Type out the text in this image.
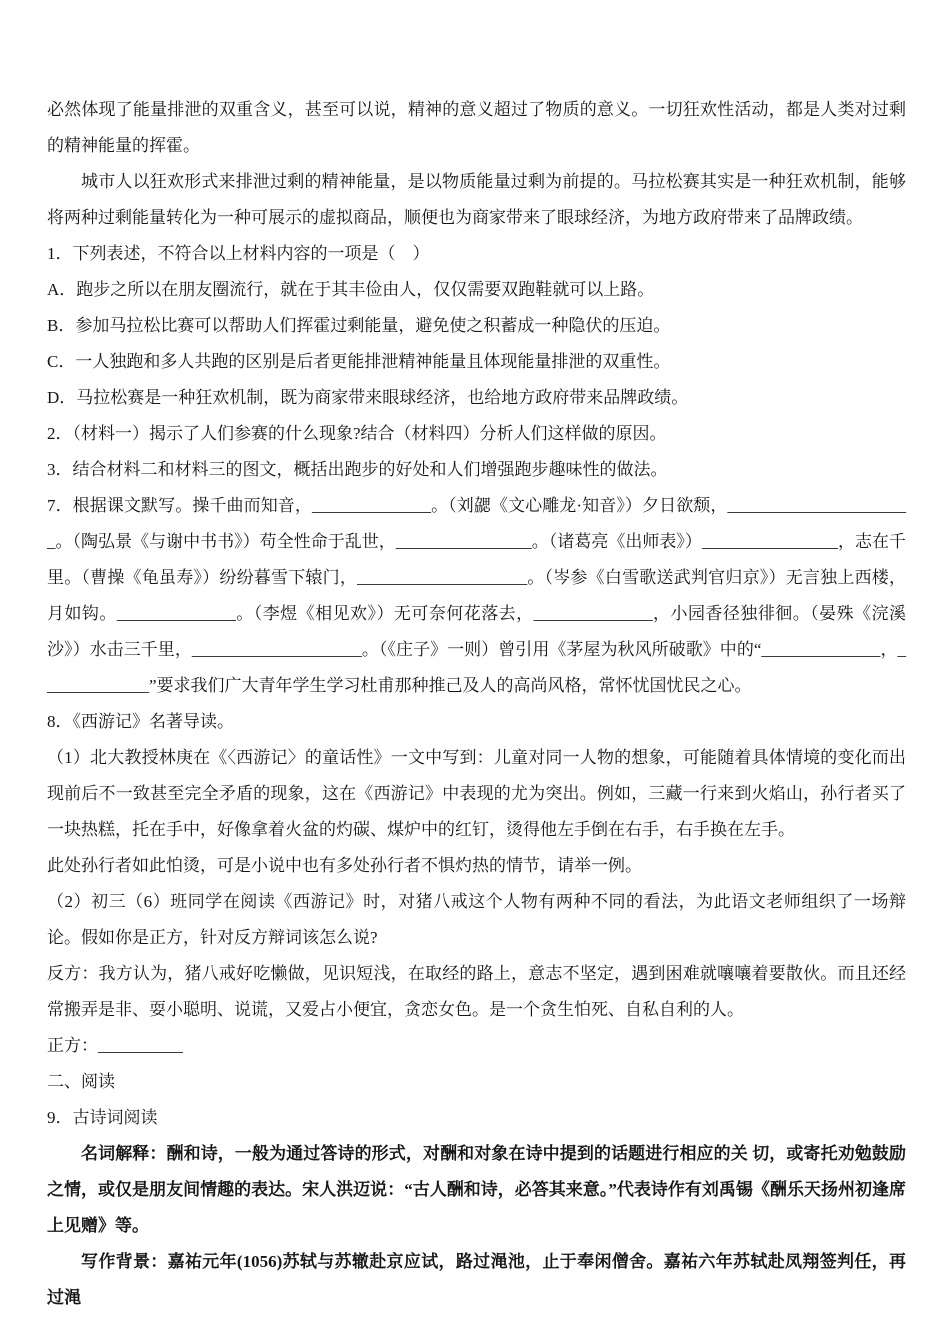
必然体现了能量排泄的双重含义，甚至可以说，精神的意义超过了物质的意义。一切狂欢性活动，都是人类对过剩的精神能量的挥霍。

城市人以狂欢形式来排泄过剩的精神能量，是以物质能量过剩为前提的。马拉松赛其实是一种狂欢机制，能够将两种过剩能量转化为一种可展示的虚拟商品，顺便也为商家带来了眼球经济，为地方政府带来了品牌政绩。

1．下列表述，不符合以上材料内容的一项是（　）

A．跑步之所以在朋友圈流行，就在于其丰俭由人，仅仅需要双跑鞋就可以上路。

B．参加马拉松比赛可以帮助人们挥霍过剩能量，避免使之积蓄成一种隐伏的压迫。

C．一人独跑和多人共跑的区别是后者更能排泄精神能量且体现能量排泄的双重性。

D．马拉松赛是一种狂欢机制，既为商家带来眼球经济，也给地方政府带来品牌政绩。

2．（材料一）揭示了人们参赛的什么现象?结合（材料四）分析人们这样做的原因。

3．结合材料二和材料三的图文，概括出跑步的好处和人们增强跑步趣味性的做法。

7．根据课文默写。操千曲而知音，______________。（刘勰《文心雕龙·知音》）夕日欲颓，______________________。（陶弘景《与谢中书书》）苟全性命于乱世，________________。（诸葛亮《出师表》）________________，志在千里。（曹操《龟虽寿》）纷纷暮雪下辕门，____________________。（岑参《白雪歌送武判官归京》）无言独上西楼，月如钩。______________。（李煜《相见欢》）无可奈何花落去，______________，小园香径独徘徊。（晏殊《浣溪沙》）水击三千里，____________________。（《庄子》一则）曾引用《茅屋为秋风所破歌》中的“______________，_____________”要求我们广大青年学生学习杜甫那种推己及人的高尚风格，常怀忧国忧民之心。

8．《西游记》名著导读。

（1）北大教授林庚在《〈西游记〉的童话性》一文中写到：儿童对同一人物的想象，可能随着具体情境的变化而出现前后不一致甚至完全矛盾的现象，这在《西游记》中表现的尤为突出。例如，三藏一行来到火焰山，孙行者买了一块热糕，托在手中，好像拿着火盆的灼碳、煤炉中的红钉，烫得他左手倒在右手，右手换在左手。

此处孙行者如此怕烫，可是小说中也有多处孙行者不惧灼热的情节，请举一例。

（2）初三（6）班同学在阅读《西游记》时，对猪八戒这个人物有两种不同的看法，为此语文老师组织了一场辩论。假如你是正方，针对反方辩词该怎么说?

反方：我方认为，猪八戒好吃懒做，见识短浅，在取经的路上，意志不坚定，遇到困难就嚷嚷着要散伙。而且还经常搬弄是非、耍小聪明、说谎，又爱占小便宜，贪恋女色。是一个贪生怕死、自私自利的人。

正方：__________

二、阅读

9．古诗词阅读

名词解释：酬和诗，一般为通过答诗的形式，对酬和对象在诗中提到的话题进行相应的关 切，或寄托劝勉鼓励之情，或仅是朋友间情趣的表达。宋人洪迈说：“古人酬和诗，必答其来意。”代表诗作有刘禹锡《酬乐天扬州初逢席上见赠》等。

写作背景：嘉祐元年(1056)苏轼与苏辙赴京应试，路过渑池，止于奉闲僧舍。嘉祐六年苏轼赴凤翔签判任，再过渑
